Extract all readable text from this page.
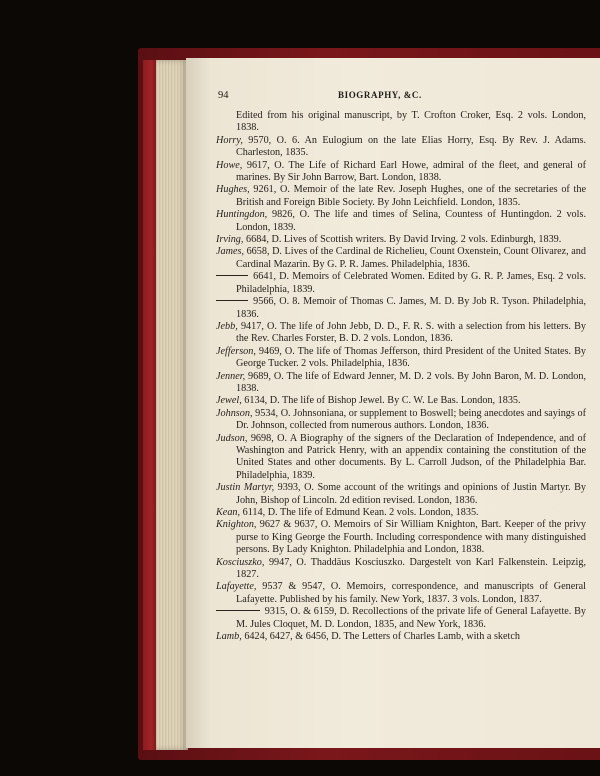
94	BIOGRAPHY, &C.

Edited from his original manuscript, by T. Crofton Croker, Esq. 2 vols. London, 1838.

Horry, 9570, O. 6. An Eulogium on the late Elias Horry, Esq. By Rev. J. Adams. Charleston, 1835.

Howe, 9617, O. The Life of Richard Earl Howe, admiral of the fleet, and general of marines. By Sir John Barrow, Bart. London, 1838.

Hughes, 9261, O. Memoir of the late Rev. Joseph Hughes, one of the secretaries of the British and Foreign Bible Society. By John Leichfield. London, 1835.

Huntingdon, 9826, O. The life and times of Selina, Countess of Huntingdon. 2 vols. London, 1839.

Irving, 6684, D. Lives of Scottish writers. By David Irving. 2 vols. Edinburgh, 1839.

James, 6658, D. Lives of the Cardinal de Richelieu, Count Oxenstein, Count Olivarez, and Cardinal Mazarin. By G. P. R. James. Philadelphia, 1836.

6641, D. Memoirs of Celebrated Women. Edited by G. R. P. James, Esq. 2 vols. Philadelphia, 1839.

9566, O. 8. Memoir of Thomas C. James, M. D. By Job R. Tyson. Philadelphia, 1836.

Jebb, 9417, O. The life of John Jebb, D. D., F. R. S. with a selection from his letters. By the Rev. Charles Forster, B. D. 2 vols. London, 1836.

Jefferson, 9469, O. The life of Thomas Jefferson, third President of the United States. By George Tucker. 2 vols. Philadelphia, 1836.

Jenner, 9689, O. The life of Edward Jenner, M. D. 2 vols. By John Baron, M. D. London, 1838.

Jewel, 6134, D. The life of Bishop Jewel. By C. W. Le Bas. London, 1835.

Johnson, 9534, O. Johnsoniana, or supplement to Boswell; being anecdotes and sayings of Dr. Johnson, collected from numerous authors. London, 1836.

Judson, 9698, O. A Biography of the signers of the Declaration of Independence, and of Washington and Patrick Henry, with an appendix containing the constitution of the United States and other documents. By L. Carroll Judson, of the Philadelphia Bar. Philadelphia, 1839.

Justin Martyr, 9393, O. Some account of the writings and opinions of Justin Martyr. By John, Bishop of Lincoln. 2d edition revised. London, 1836.

Kean, 6114, D. The life of Edmund Kean. 2 vols. London, 1835.

Knighton, 9627 & 9637, O. Memoirs of Sir William Knighton, Bart. Keeper of the privy purse to King George the Fourth. Including correspondence with many distinguished persons. By Lady Knighton. Philadelphia and London, 1838.

Kosciuszko, 9947, O. Thaddäus Kosciuszko. Dargestelt von Karl Falkenstein. Leipzig, 1827.

Lafayette, 9537 & 9547, O. Memoirs, correspondence, and manuscripts of General Lafayette. Published by his family. New York, 1837. 3 vols. London, 1837.

9315, O. & 6159, D. Recollections of the private life of General Lafayette. By M. Jules Cloquet, M. D. London, 1835, and New York, 1836.

Lamb, 6424, 6427, & 6456, D. The Letters of Charles Lamb, with a sketch
